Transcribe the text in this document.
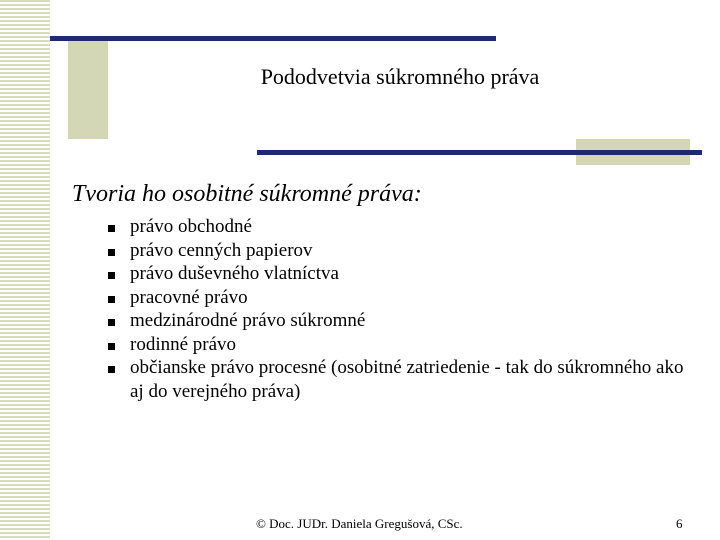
Pododvetvia súkromného práva
Tvoria ho osobitné súkromné práva:
právo obchodné
právo cenných papierov
právo duševného vlatníctva
pracovné právo
medzinárodné právo súkromné
rodinné právo
občianske právo procesné (osobitné zatriedenie - tak do súkromného ako aj do verejného práva)
© Doc. JUDr. Daniela Gregušová, CSc.	6
